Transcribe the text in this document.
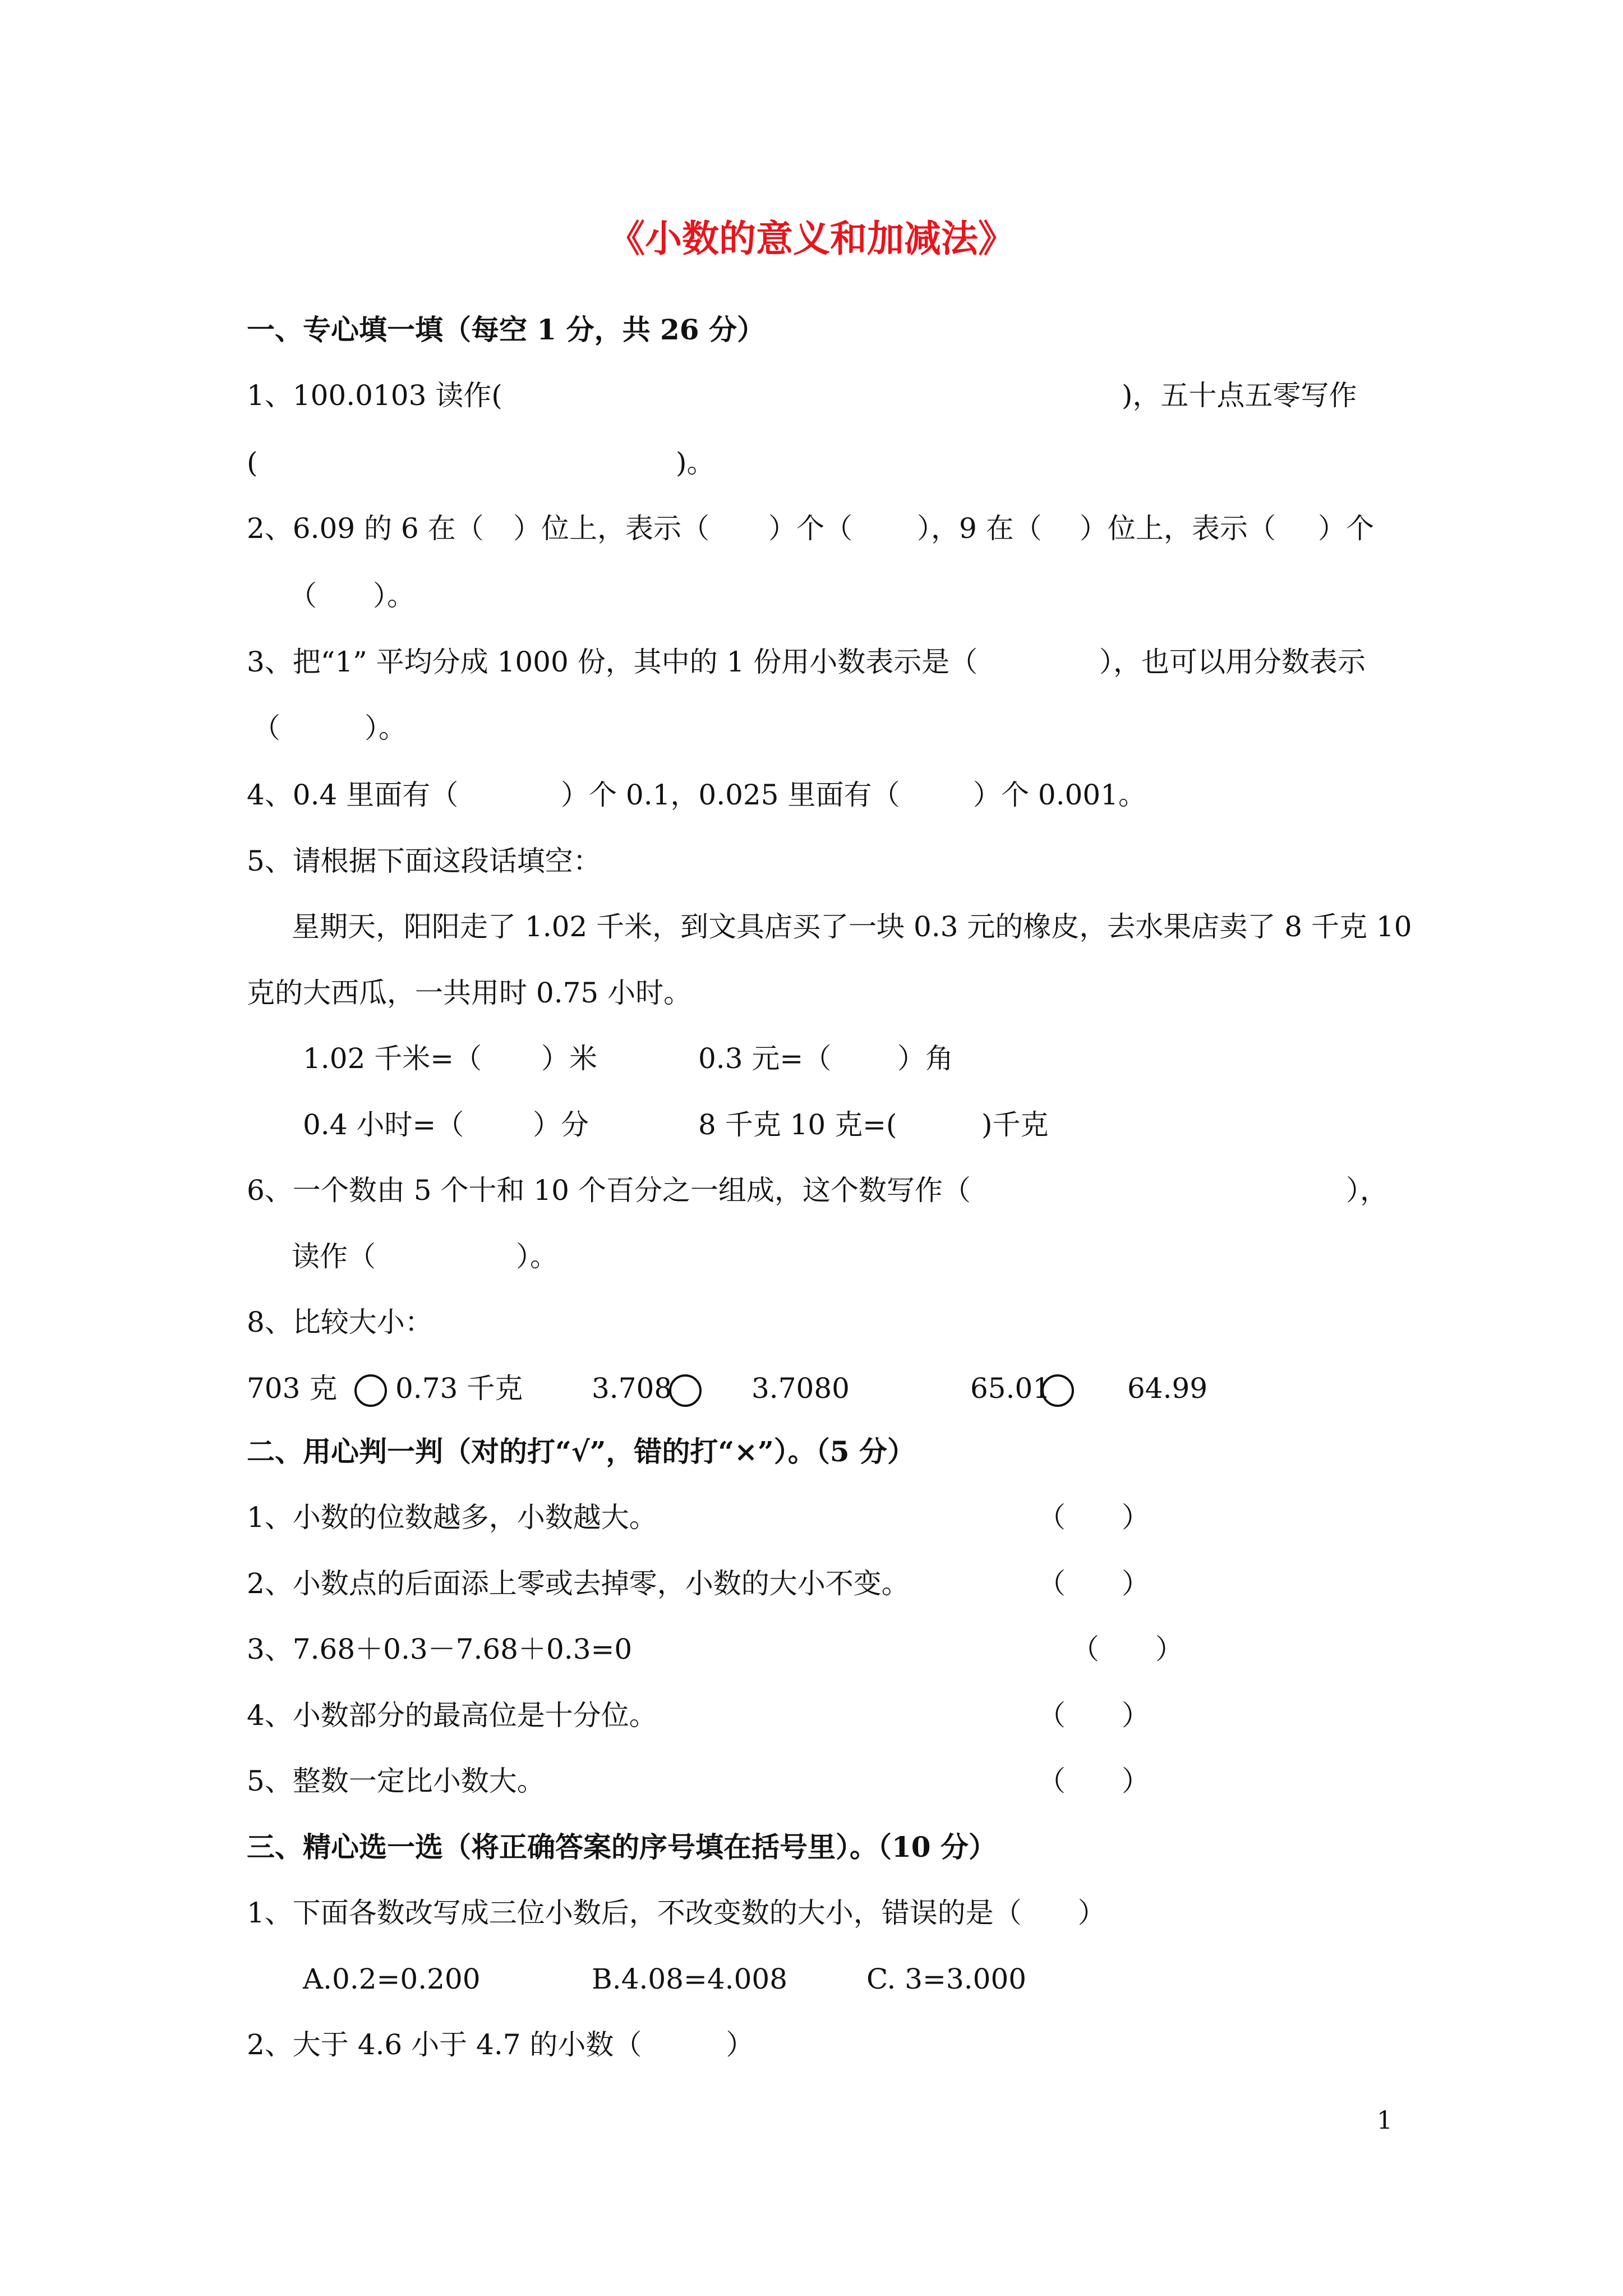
《小数的意义和加减法》
一、专心填一填（每空 1 分，共 26 分）
1、100.0103 读作(	)，五十点五零写作
(	)。
2、6.09 的 6 在（ ）位上，表示（ ）个（ ），9 在（ ）位上，表示（ ）个
（　　）。
3、把“1” 平均分成 1000 份，其中的 1 份用小数表示是（	），也可以用分数表示
（　　　）。
4、0.4 里面有（	）个 0.1，0.025 里面有（	）个 0.001。
5、请根据下面这段话填空：
星期天，阳阳走了 1.02 千米，到文具店买了一块 0.3 元的橡皮，去水果店卖了 8 千克 10
克的大西瓜，一共用时 0.75 小时。
1.02 千米=（ ）米	0.3 元=（ ）角
0.4 小时=（ ）分	8 千克 10 克=(	)千克
6、一个数由 5 个十和 10 个百分之一组成，这个数写作（	），
读作（　　　　　）。
8、比较大小：
703 克 0.73 千克 3.708	3.7080	65.01	64.99
二、用心判一判（对的打“√”，错的打“×”）。（5 分）
1、小数的位数越多，小数越大。	（　　）
2、小数点的后面添上零或去掉零，小数的大小不变。	（　　）
3、7.68＋0.3－7.68＋0.3=0	（　　）
4、小数部分的最高位是十分位。	（　　）
5、整数一定比小数大。	（　　）
三、精心选一选（将正确答案的序号填在括号里）。（10 分）
1、下面各数改写成三位小数后，不改变数的大小，错误的是（　　）
A.0.2=0.200	B.4.08=4.008	C. 3=3.000
2、大于 4.6 小于 4.7 的小数（　　　）
1
